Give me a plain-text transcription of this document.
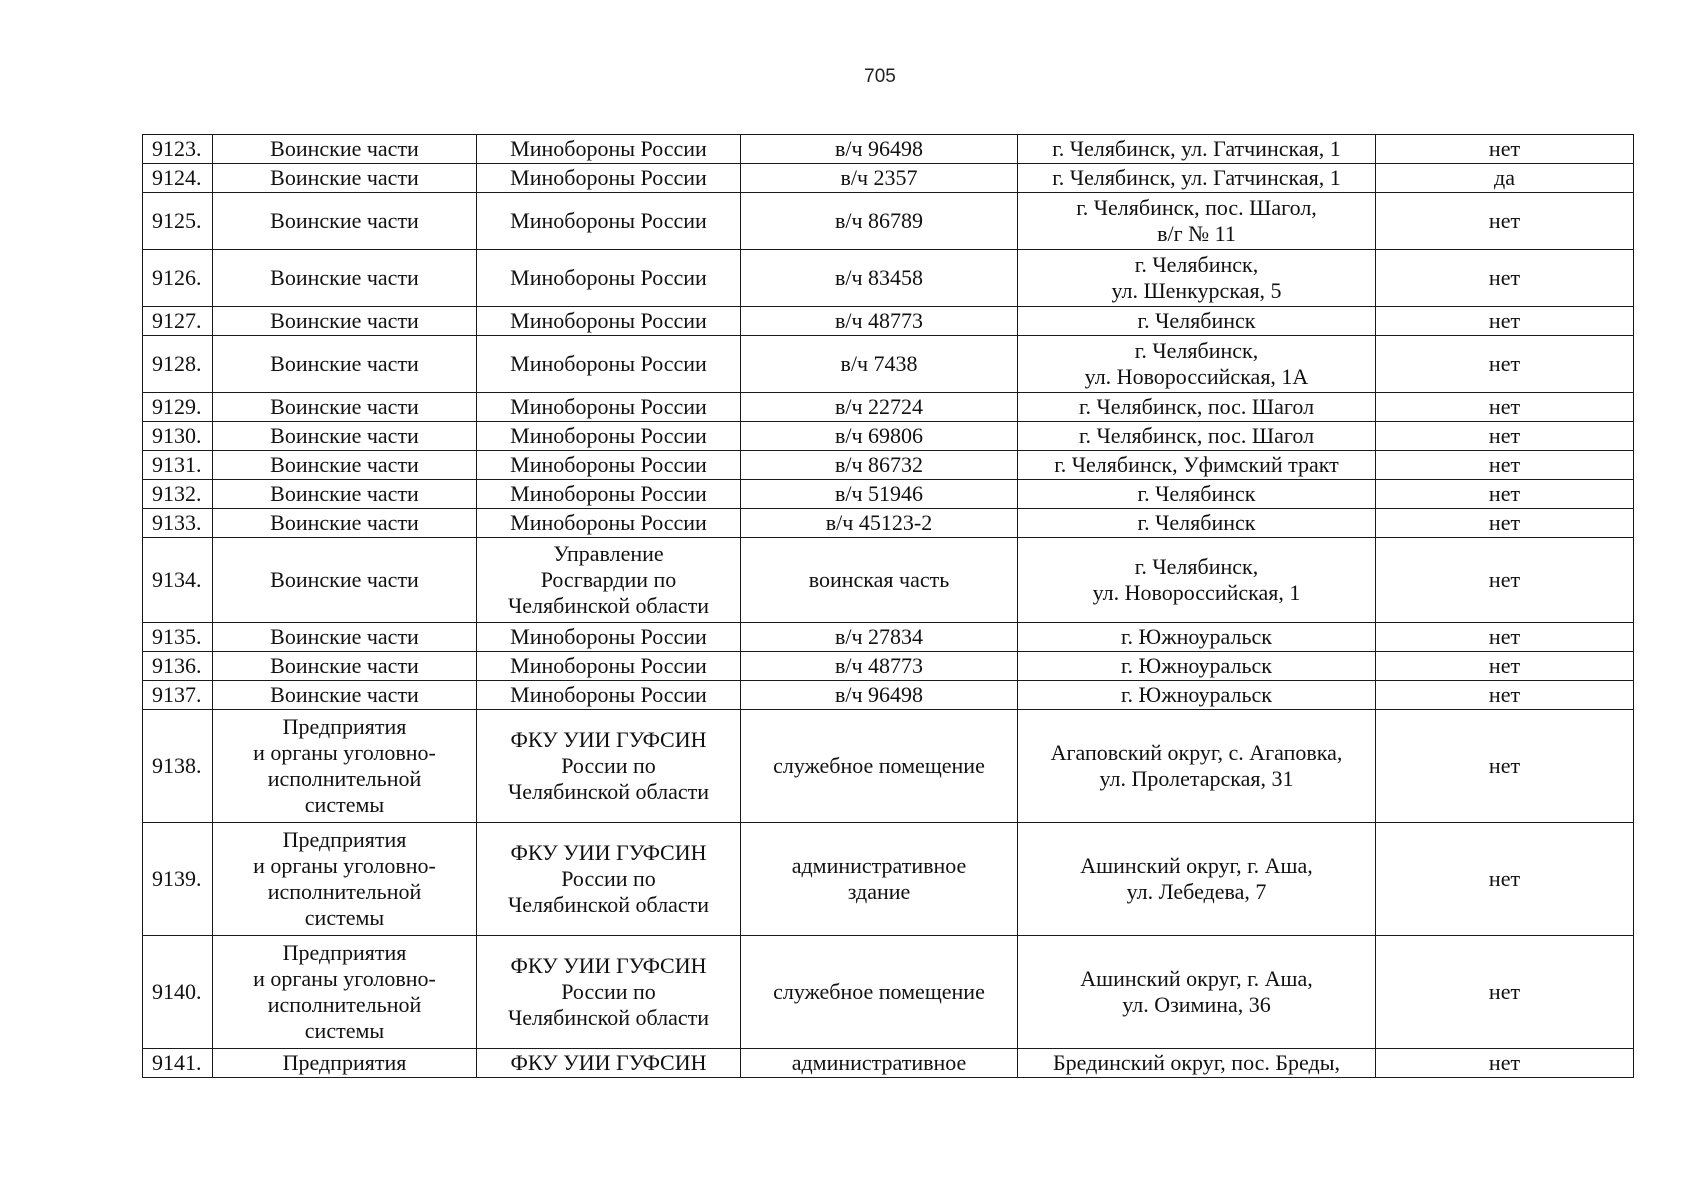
705
9123.	Воинские части	Минобороны России	в/ч 96498	г. Челябинск, ул. Гатчинская, 1	нет
9124.	Воинские части	Минобороны России	в/ч 2357	г. Челябинск, ул. Гатчинская, 1	да
9125.	Воинские части	Минобороны России	в/ч 86789	г. Челябинск, пос. Шагол,
в/г № 11	нет
9126.	Воинские части	Минобороны России	в/ч 83458	г. Челябинск,
ул. Шенкурская, 5	нет
9127.	Воинские части	Минобороны России	в/ч 48773	г. Челябинск	нет
9128.	Воинские части	Минобороны России	в/ч 7438	г. Челябинск,
ул. Новороссийская, 1А	нет
9129.	Воинские части	Минобороны России	в/ч 22724	г. Челябинск, пос. Шагол	нет
9130.	Воинские части	Минобороны России	в/ч 69806	г. Челябинск, пос. Шагол	нет
9131.	Воинские части	Минобороны России	в/ч 86732	г. Челябинск, Уфимский тракт	нет
9132.	Воинские части	Минобороны России	в/ч 51946	г. Челябинск	нет
9133.	Воинские части	Минобороны России	в/ч 45123-2	г. Челябинск	нет
9134.	Воинские части	Управление
Росгвардии по
Челябинской области	воинская часть	г. Челябинск,
ул. Новороссийская, 1	нет
9135.	Воинские части	Минобороны России	в/ч 27834	г. Южноуральск	нет
9136.	Воинские части	Минобороны России	в/ч 48773	г. Южноуральск	нет
9137.	Воинские части	Минобороны России	в/ч 96498	г. Южноуральск	нет
9138.	Предприятия
и органы уголовно-
исполнительной
системы	ФКУ УИИ ГУФСИН
России по
Челябинской области	служебное помещение	Агаповский округ, с. Агаповка,
ул. Пролетарская, 31	нет
9139.	Предприятия
и органы уголовно-
исполнительной
системы	ФКУ УИИ ГУФСИН
России по
Челябинской области	административное
здание	Ашинский округ, г. Аша,
ул. Лебедева, 7	нет
9140.	Предприятия
и органы уголовно-
исполнительной
системы	ФКУ УИИ ГУФСИН
России по
Челябинской области	служебное помещение	Ашинский округ, г. Аша,
ул. Озимина, 36	нет
9141.	Предприятия	ФКУ УИИ ГУФСИН	административное	Брединский округ, пос. Бреды,	нет
